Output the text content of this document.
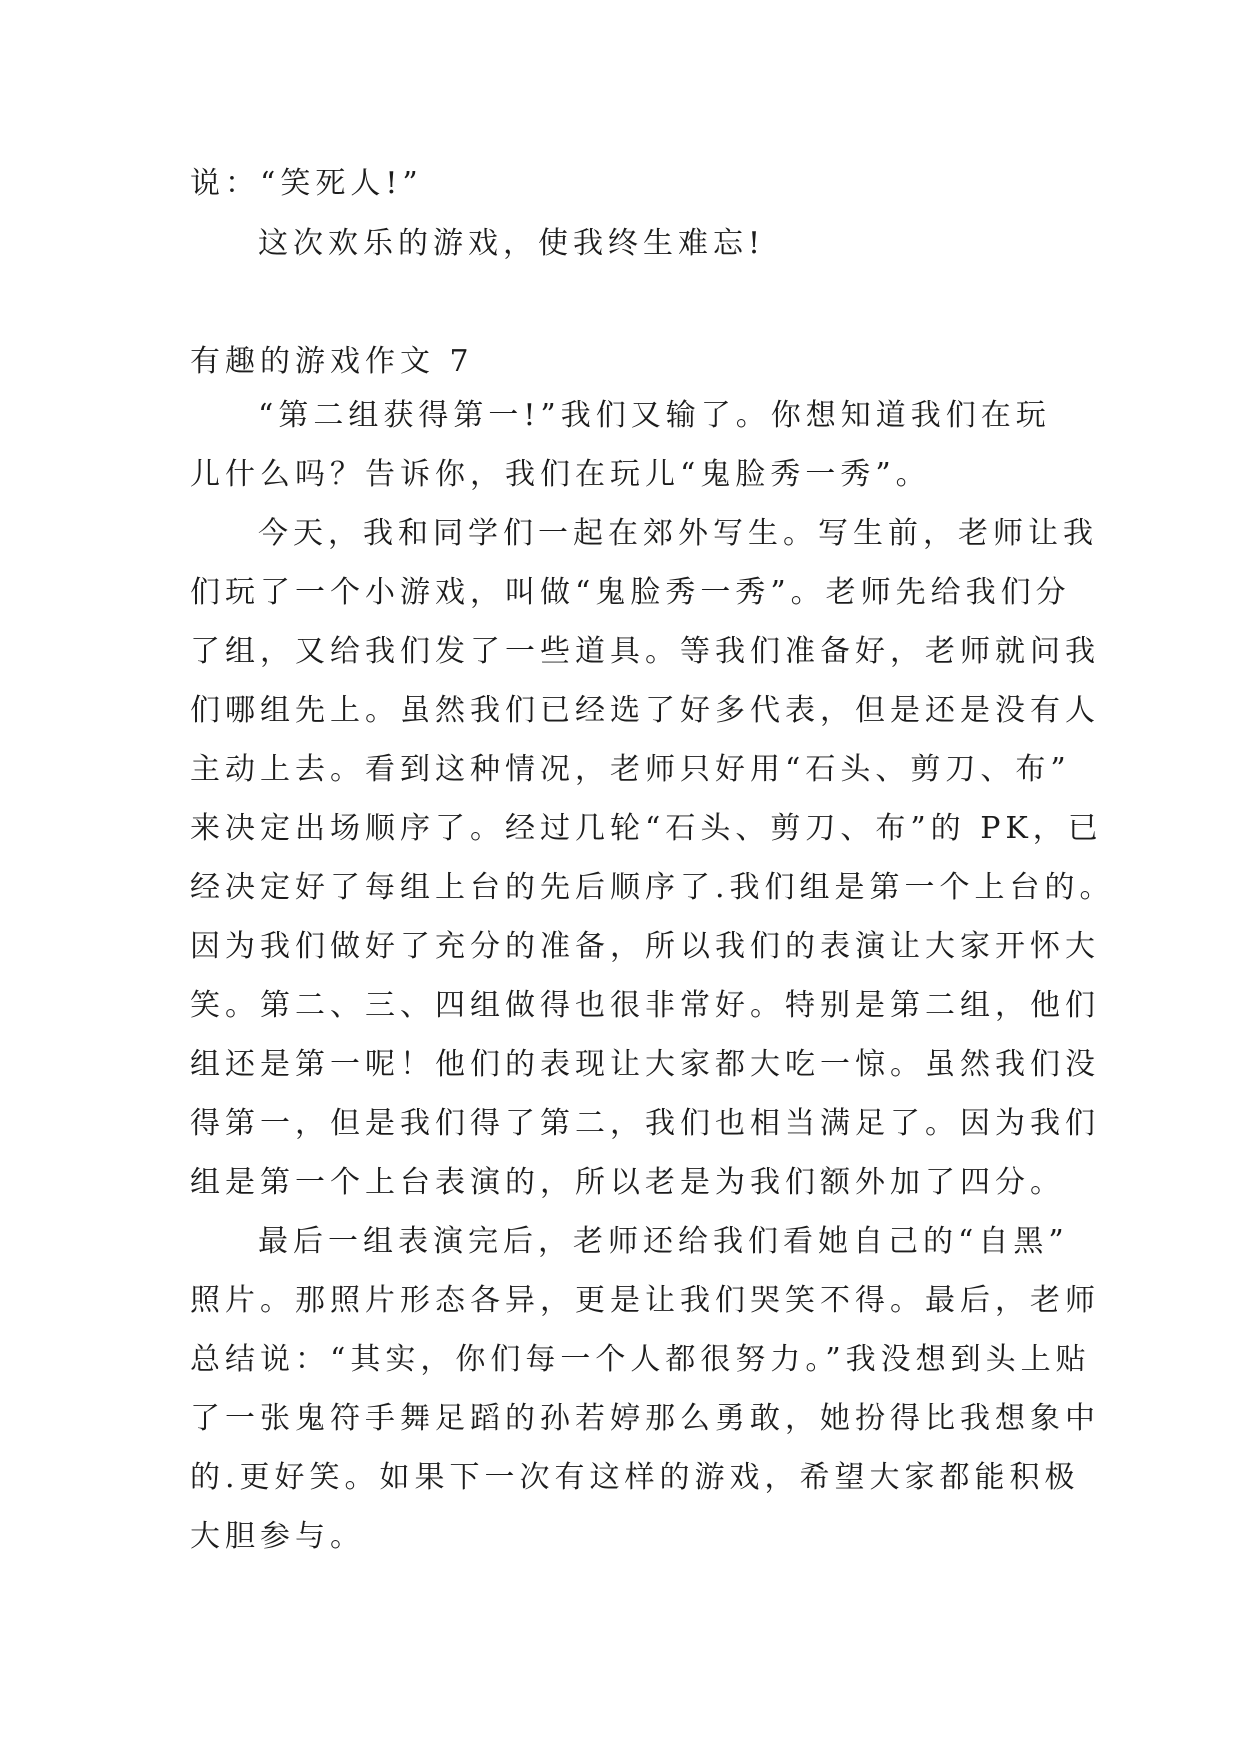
说：“笑死人!”
这次欢乐的游戏，使我终生难忘!
有趣的游戏作文 7
“第二组获得第一!”我们又输了。你想知道我们在玩
儿什么吗？告诉你，我们在玩儿“鬼脸秀一秀”。
今天，我和同学们一起在郊外写生。写生前，老师让我
们玩了一个小游戏，叫做“鬼脸秀一秀”。老师先给我们分
了组，又给我们发了一些道具。等我们准备好，老师就问我
们哪组先上。虽然我们已经选了好多代表，但是还是没有人
主动上去。看到这种情况，老师只好用“石头、剪刀、布”
来决定出场顺序了。经过几轮“石头、剪刀、布”的 PK，已
经决定好了每组上台的先后顺序了.我们组是第一个上台的。
因为我们做好了充分的准备，所以我们的表演让大家开怀大
笑。第二、三、四组做得也很非常好。特别是第二组，他们
组还是第一呢！他们的表现让大家都大吃一惊。虽然我们没
得第一，但是我们得了第二，我们也相当满足了。因为我们
组是第一个上台表演的，所以老是为我们额外加了四分。
最后一组表演完后，老师还给我们看她自己的“自黑”
照片。那照片形态各异，更是让我们哭笑不得。最后，老师
总结说：“其实，你们每一个人都很努力。”我没想到头上贴
了一张鬼符手舞足蹈的孙若婷那么勇敢，她扮得比我想象中
的.更好笑。如果下一次有这样的游戏，希望大家都能积极
大胆参与。
